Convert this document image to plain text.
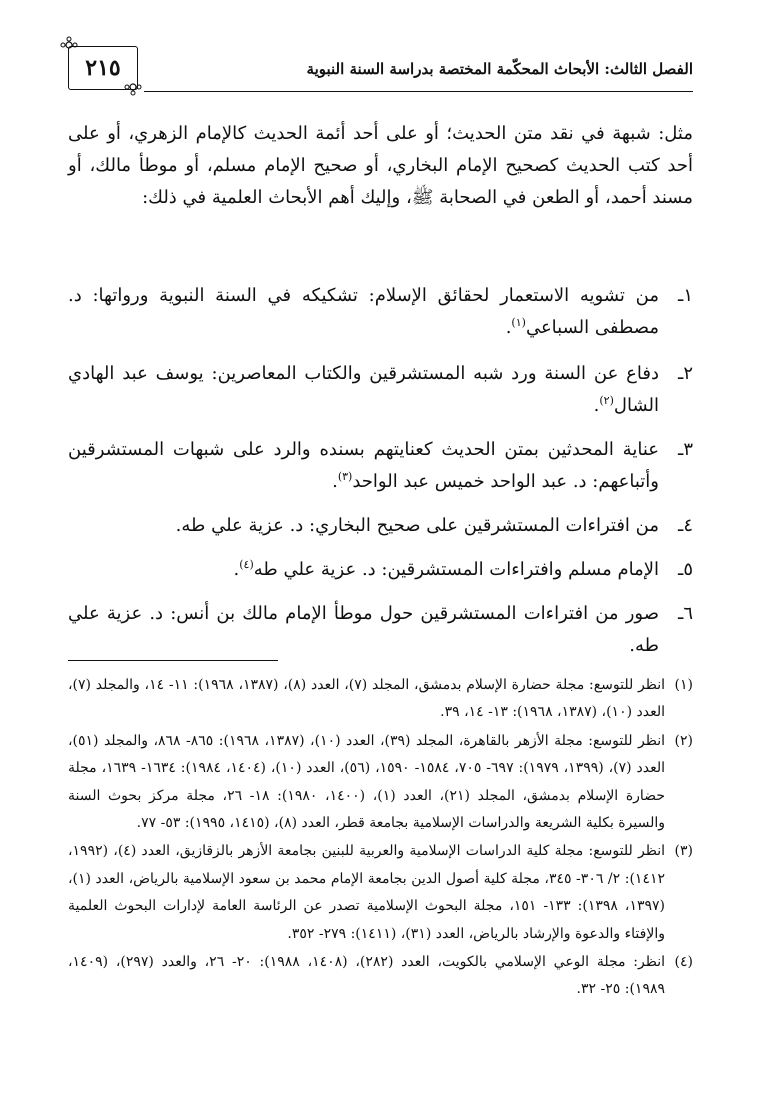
الفصل الثالث: الأبحاث المحكّمة المختصة بدراسة السنة النبوية
٢١٥

مثل: شبهة في نقد متن الحديث؛ أو على أحد أئمة الحديث كالإمام الزهري، أو على أحد كتب الحديث كصحيح الإمام البخاري، أو صحيح الإمام مسلم، أو موطأ مالك، أو مسند أحمد، أو الطعن في الصحابة ﷺ، وإليك أهم الأبحاث العلمية في ذلك:

١ـ
من تشويه الاستعمار لحقائق الإسلام: تشكيكه في السنة النبوية ورواتها: د. مصطفى السباعي$^{(١)}$.
٢ـ
دفاع عن السنة ورد شبه المستشرقين والكتاب المعاصرين: يوسف عبد الهادي الشال$^{(٢)}$.
٣ـ
عناية المحدثين بمتن الحديث كعنايتهم بسنده والرد على شبهات المستشرقين وأتباعهم: د. عبد الواحد خميس عبد الواحد$^{(٣)}$.
٤ـ
من افتراءات المستشرقين على صحيح البخاري: د. عزية علي طه.
٥ـ
الإمام مسلم وافتراءات المستشرقين: د. عزية علي طه$^{(٤)}$.
٦ـ
صور من افتراءات المستشرقين حول موطأ الإمام مالك بن أنس: د. عزية علي طه.
(١)
انظر للتوسع: مجلة حضارة الإسلام بدمشق، المجلد (٧)، العدد (٨)، (١٣٨٧، ١٩٦٨): ١١- ١٤، والمجلد (٧)، العدد (١٠)، (١٣٨٧، ١٩٦٨): ١٣- ١٤، ٣٩.
(٢)
انظر للتوسع: مجلة الأزهر بالقاهرة، المجلد (٣٩)، العدد (١٠)، (١٣٨٧، ١٩٦٨): ٨٦٥- ٨٦٨، والمجلد (٥١)، العدد (٧)، (١٣٩٩، ١٩٧٩): ٦٩٧- ٧٠٥، ١٥٨٤- ١٥٩٠، (٥٦)، العدد (١٠)، (١٤٠٤، ١٩٨٤): ١٦٣٤- ١٦٣٩، مجلة حضارة الإسلام بدمشق، المجلد (٢١)، العدد (١)، (١٤٠٠، ١٩٨٠): ١٨- ٢٦، مجلة مركز بحوث السنة والسيرة بكلية الشريعة والدراسات الإسلامية بجامعة قطر، العدد (٨)، (١٤١٥، ١٩٩٥): ٥٣- ٧٧.
(٣)
انظر للتوسع: مجلة كلية الدراسات الإسلامية والعربية للبنين بجامعة الأزهر بالزقازيق، العدد (٤)، (١٩٩٢، ١٤١٢): ٢/ ٣٠٦- ٣٤٥، مجلة كلية أصول الدين بجامعة الإمام محمد بن سعود الإسلامية بالرياض، العدد (١)، (١٣٩٧، ١٣٩٨): ١٣٣- ١٥١، مجلة البحوث الإسلامية تصدر عن الرئاسة العامة لإدارات البحوث العلمية والإفتاء والدعوة والإرشاد بالرياض، العدد (٣١)، (١٤١١): ٢٧٩- ٣٥٢.
(٤)
انظر: مجلة الوعي الإسلامي بالكويت، العدد (٢٨٢)، (١٤٠٨، ١٩٨٨): ٢٠- ٢٦، والعدد (٢٩٧)، (١٤٠٩، ١٩٨٩): ٢٥- ٣٢.
